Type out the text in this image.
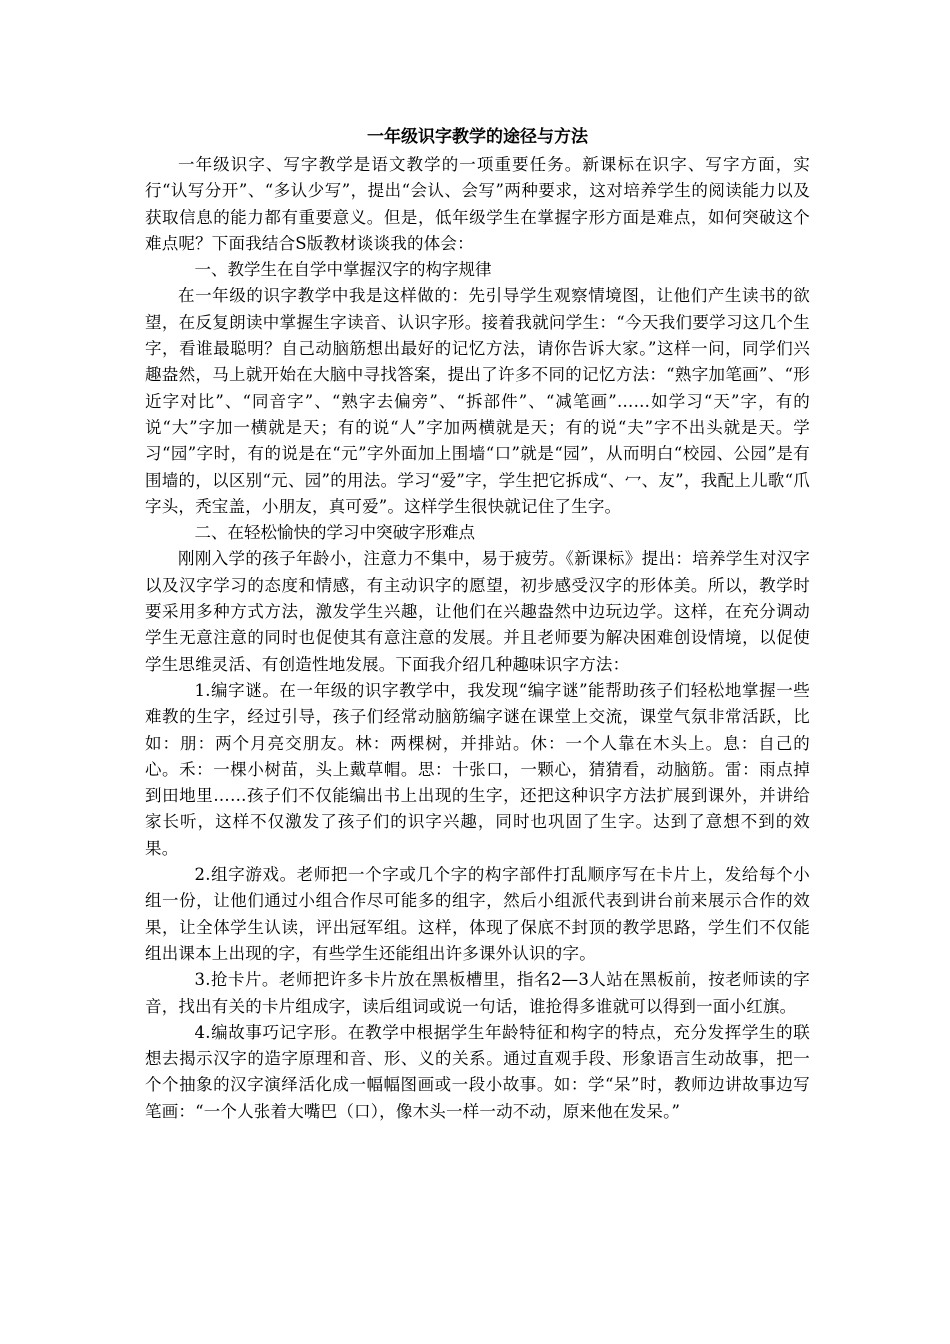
一年级识字教学的途径与方法

一年级识字、写字教学是语文教学的一项重要任务。新课标在识字、写字方面，实行“认写分开”、“多认少写”，提出“会认、会写”两种要求，这对培养学生的阅读能力以及获取信息的能力都有重要意义。但是，低年级学生在掌握字形方面是难点，如何突破这个难点呢？下面我结合S版教材谈谈我的体会：

一、教学生在自学中掌握汉字的构字规律

在一年级的识字教学中我是这样做的：先引导学生观察情境图，让他们产生读书的欲望，在反复朗读中掌握生字读音、认识字形。接着我就问学生：“今天我们要学习这几个生字，看谁最聪明？自己动脑筋想出最好的记忆方法，请你告诉大家。”这样一问，同学们兴趣盎然，马上就开始在大脑中寻找答案，提出了许多不同的记忆方法：“熟字加笔画”、“形近字对比”、“同音字”、“熟字去偏旁”、“拆部件”、“减笔画”……如学习“天”字，有的说“大”字加一横就是天；有的说“人”字加两横就是天；有的说“夫”字不出头就是天。学习“园”字时，有的说是在“元”字外面加上围墙“口”就是“园”，从而明白“校园、公园”是有围墙的，以区别“元、园”的用法。学习“爱”字，学生把它拆成“、冖、友”，我配上儿歌“爪字头，秃宝盖，小朋友，真可爱”。这样学生很快就记住了生字。

二、在轻松愉快的学习中突破字形难点

刚刚入学的孩子年龄小，注意力不集中，易于疲劳。《新课标》提出：培养学生对汉字以及汉字学习的态度和情感，有主动识字的愿望，初步感受汉字的形体美。所以，教学时要采用多种方式方法，激发学生兴趣，让他们在兴趣盎然中边玩边学。这样，在充分调动学生无意注意的同时也促使其有意注意的发展。并且老师要为解决困难创设情境，以促使学生思维灵活、有创造性地发展。下面我介绍几种趣味识字方法：

1.编字谜。在一年级的识字教学中，我发现“编字谜”能帮助孩子们轻松地掌握一些难教的生字，经过引导，孩子们经常动脑筋编字谜在课堂上交流，课堂气氛非常活跃，比如：朋：两个月亮交朋友。林：两棵树，并排站。休：一个人靠在木头上。息：自己的心。禾：一棵小树苗，头上戴草帽。思：十张口，一颗心，猜猜看，动脑筋。雷：雨点掉到田地里……孩子们不仅能编出书上出现的生字，还把这种识字方法扩展到课外，并讲给家长听，这样不仅激发了孩子们的识字兴趣，同时也巩固了生字。达到了意想不到的效果。

2.组字游戏。老师把一个字或几个字的构字部件打乱顺序写在卡片上，发给每个小组一份，让他们通过小组合作尽可能多的组字，然后小组派代表到讲台前来展示合作的效果，让全体学生认读，评出冠军组。这样，体现了保底不封顶的教学思路，学生们不仅能组出课本上出现的字，有些学生还能组出许多课外认识的字。

3.抢卡片。老师把许多卡片放在黑板槽里，指名2—3人站在黑板前，按老师读的字音，找出有关的卡片组成字，读后组词或说一句话，谁抢得多谁就可以得到一面小红旗。

4.编故事巧记字形。在教学中根据学生年龄特征和构字的特点，充分发挥学生的联想去揭示汉字的造字原理和音、形、义的关系。通过直观手段、形象语言生动故事，把一个个抽象的汉字演绎活化成一幅幅图画或一段小故事。如：学“呆”时，教师边讲故事边写笔画：“一个人张着大嘴巴（口），像木头一样一动不动，原来他在发呆。”
